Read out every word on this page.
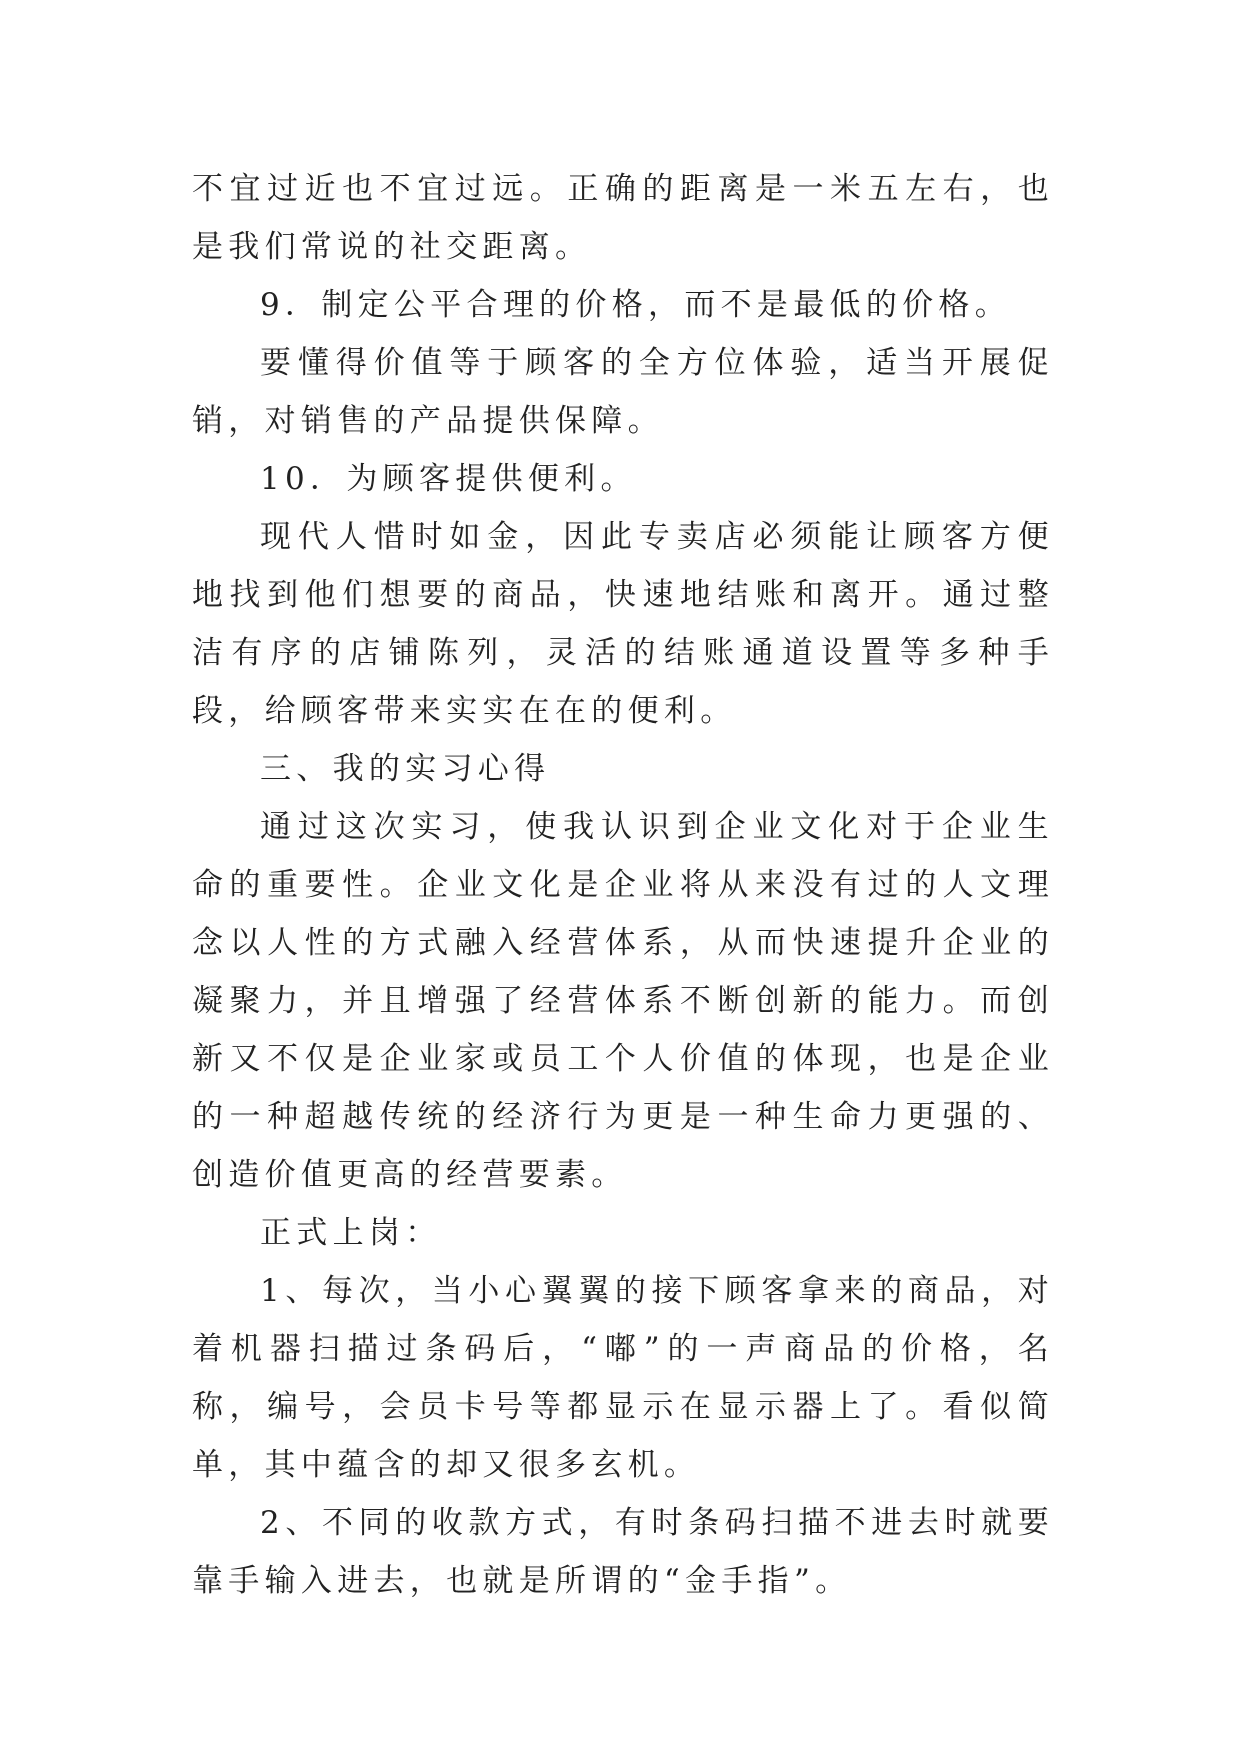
不宜过近也不宜过远。正确的距离是一米五左右，也是我们常说的社交距离。

9．制定公平合理的价格，而不是最低的价格。

要懂得价值等于顾客的全方位体验，适当开展促销，对销售的产品提供保障。

10．为顾客提供便利。

现代人惜时如金，因此专卖店必须能让顾客方便地找到他们想要的商品，快速地结账和离开。通过整洁有序的店铺陈列，灵活的结账通道设置等多种手段，给顾客带来实实在在的便利。

三、我的实习心得

通过这次实习，使我认识到企业文化对于企业生命的重要性。企业文化是企业将从来没有过的人文理念以人性的方式融入经营体系，从而快速提升企业的凝聚力，并且增强了经营体系不断创新的能力。而创新又不仅是企业家或员工个人价值的体现，也是企业的一种超越传统的经济行为更是一种生命力更强的、创造价值更高的经营要素。

正式上岗：

1、每次，当小心翼翼的接下顾客拿来的商品，对着机器扫描过条码后，“嘟”的一声商品的价格，名称，编号，会员卡号等都显示在显示器上了。看似简单，其中蕴含的却又很多玄机。

2、不同的收款方式，有时条码扫描不进去时就要靠手输入进去，也就是所谓的“金手指”。
